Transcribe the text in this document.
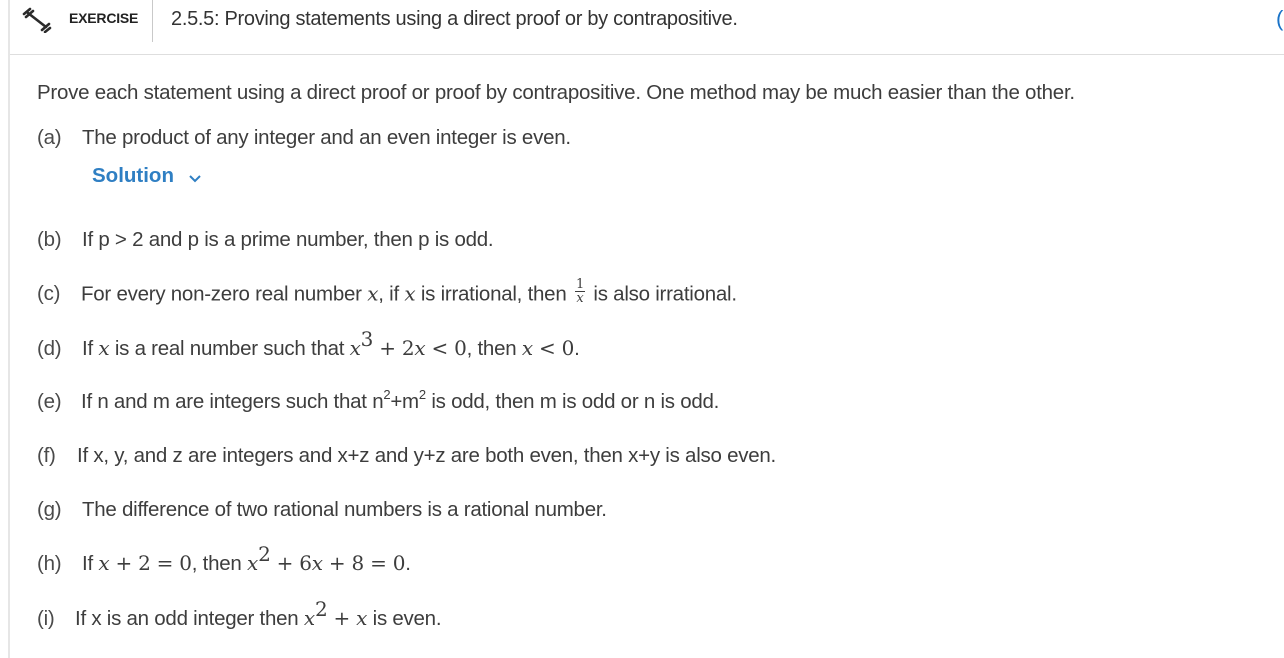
EXERCISE 2.5.5: Proving statements using a direct proof or by contrapositive.	(
Prove each statement using a direct proof or proof by contrapositive. One method may be much easier than the other.
(a) The product of any integer and an even integer is even.
Solution
(b) If p > 2 and p is a prime number, then p is odd.
(c) For every non-zero real number x, if x is irrational, then $\frac{1}{x}$ is also irrational.
(d) If x is a real number such that $x^3 + 2x < 0$, then x < 0.
(e) If n and m are integers such that $n^2+m^2$ is odd, then m is odd or n is odd.
(f) If x, y, and z are integers and x+z and y+z are both even, then x+y is also even.
(g) The difference of two rational numbers is a rational number.
(h) If x + 2 = 0, then $x^2 + 6x + 8 = 0$.
(i) If x is an odd integer then $x^2 + x$ is even.
